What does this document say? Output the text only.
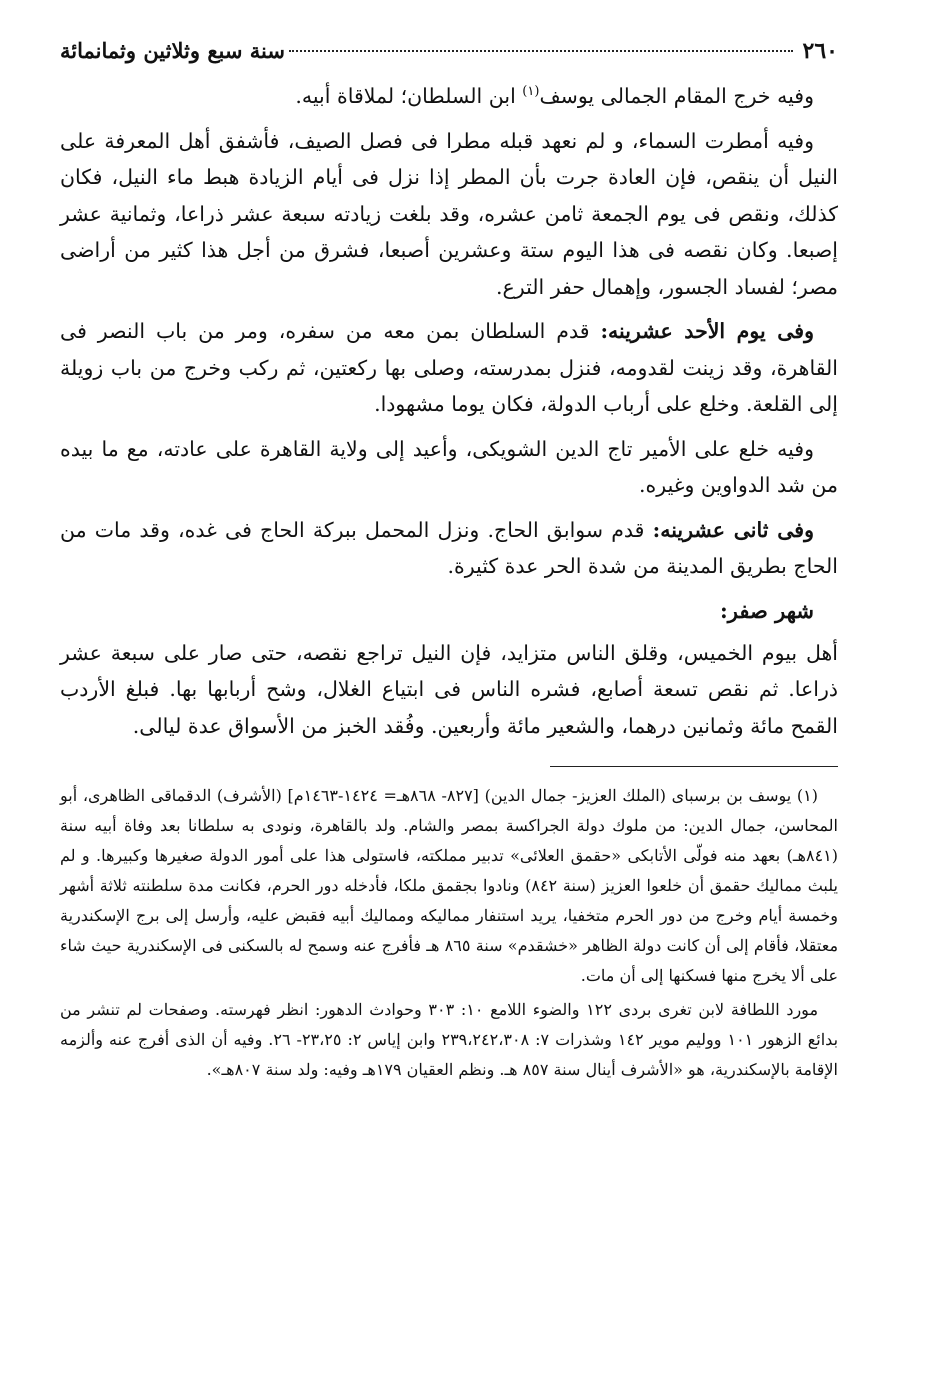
٢٦٠
سنة سبع وثلاثين وثمانمائة

وفيه خرج المقام الجمالى يوسف$^{(١)}$ ابن السلطان؛ لملاقاة أبيه.

وفيه أمطرت السماء، و لم نعهد قبله مطرا فى فصل الصيف، فأشفق أهل المعرفة على النيل أن ينقص، فإن العادة جرت بأن المطر إذا نزل فى أيام الزيادة هبط ماء النيل، فكان كذلك، ونقص فى يوم الجمعة ثامن عشره، وقد بلغت زيادته سبعة عشر ذراعا، وثمانية عشر إصبعا. وكان نقصه فى هذا اليوم ستة وعشرين أصبعا، فشرق من أجل هذا كثير من أراضى مصر؛ لفساد الجسور، وإهمال حفر الترع.

وفى يوم الأحد عشرينه: قدم السلطان بمن معه من سفره، ومر من باب النصر فى القاهرة، وقد زينت لقدومه، فنزل بمدرسته، وصلى بها ركعتين، ثم ركب وخرج من باب زويلة إلى القلعة. وخلع على أرباب الدولة، فكان يوما مشهودا.

وفيه خلع على الأمير تاج الدين الشويكى، وأعيد إلى ولاية القاهرة على عادته، مع ما بيده من شد الدواوين وغيره.

وفى ثانى عشرينه: قدم سوابق الحاج. ونزل المحمل ببركة الحاج فى غده، وقد مات من الحاج بطريق المدينة من شدة الحر عدة كثيرة.

شهر صفر:

أهل بيوم الخميس، وقلق الناس متزايد، فإن النيل تراجع نقصه، حتى صار على سبعة عشر ذراعا. ثم نقص تسعة أصابع، فشره الناس فى ابتياع الغلال، وشح أربابها بها. فبلغ الأردب القمح مائة وثمانين درهما، والشعير مائة وأربعين. وفُقد الخبز من الأسواق عدة ليالى.

(١) يوسف بن برسباى (الملك العزيز- جمال الدين) [٨٢٧- ٨٦٨هـ= ١٤٢٤-١٤٦٣م] (الأشرف) الدقماقى الظاهرى، أبو المحاسن، جمال الدين: من ملوك دولة الجراكسة بمصر والشام. ولد بالقاهرة، ونودى به سلطانا بعد وفاة أبيه سنة (٨٤١هـ) بعهد منه فولّى الأتابكى «حقمق العلائى» تدبير مملكته، فاستولى هذا على أمور الدولة صغيرها وكبيرها. و لم يلبث مماليك حقمق أن خلعوا العزيز (سنة ٨٤٢) ونادوا بجقمق ملكا، فأدخله دور الحرم، فكانت مدة سلطنته ثلاثة أشهر وخمسة أيام وخرج من دور الحرم متخفيا، يريد استنفار مماليكه ومماليك أبيه فقبض عليه، وأرسل إلى برج الإسكندرية معتقلا، فأقام إلى أن كانت دولة الظاهر «خشقدم» سنة ٨٦٥ هـ فأفرج عنه وسمح له بالسكنى فى الإسكندرية حيث شاء على ألا يخرج منها فسكنها إلى أن مات.

مورد اللطافة لابن تغرى بردى ١٢٢ والضوء اللامع ١٠: ٣٠٣ وحوادث الدهور: انظر فهرسته. وصفحات لم تنشر من بدائع الزهور ١٠١ ووليم موير ١٤٢ وشذرات ٧: ٢٣٩،٢٤٢،٣٠٨ وابن إياس ٢: ٢٣،٢٥- ٢٦. وفيه أن الذى أفرج عنه وألزمه الإقامة بالإسكندرية، هو «الأشرف أينال سنة ٨٥٧ هـ. ونظم العقيان ١٧٩هـ وفيه: ولد سنة ٨٠٧هـ».
